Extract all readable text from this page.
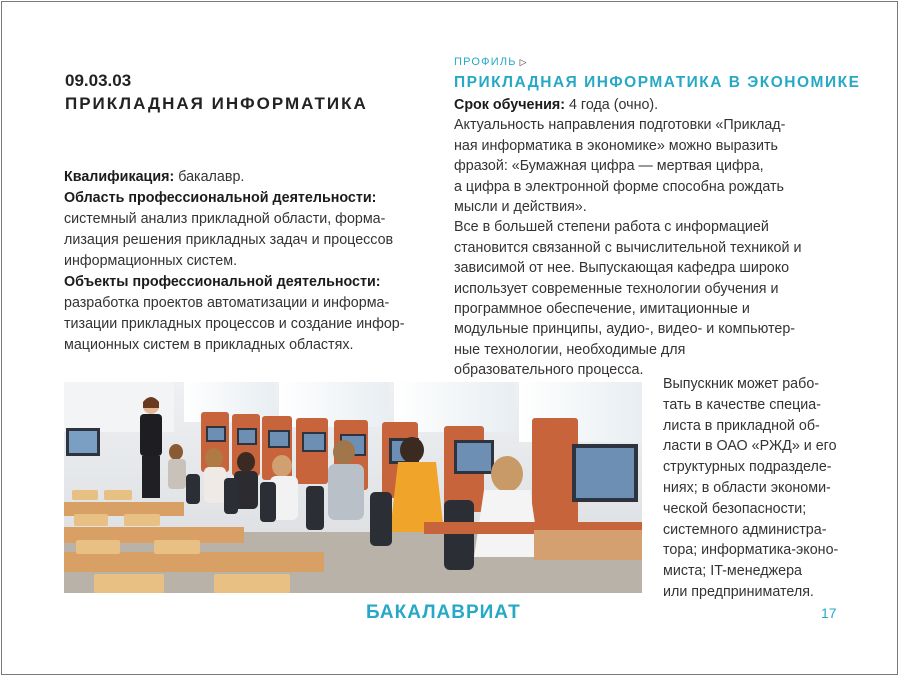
09.03.03
ПРИКЛАДНАЯ ИНФОРМАТИКА

Квалификация: бакалавр.

Область профессиональной деятельности:

системный анализ прикладной области, форма-
лизация решения прикладных задач и процессов
информационных систем.

Объекты профессиональной деятельности:

разработка проектов автоматизации и информа-
тизации прикладных процессов и создание инфор-
мационных систем в прикладных областях.

ПРОФИЛЬ ▷
ПРИКЛАДНАЯ ИНФОРМАТИКА В ЭКОНОМИКЕ

Срок обучения: 4 года (очно).

Актуальность направления подготовки «Приклад-
ная информатика в экономике» можно выразить
фразой: «Бумажная цифра — мертвая цифра,
а цифра в электронной форме способна рождать
мысли и действия».

Все в большей степени работа с информацией
становится связанной с вычислительной техникой и
зависимой от нее. Выпускающая кафедра широко
использует современные технологии обучения и
программное обеспечение, имитационные и
модульные принципы, аудио-, видео- и компьютер-
ные технологии, необходимые для
образовательного процесса.

Выпускник может рабо-
тать в качестве специа-
листа в прикладной об-
ласти в ОАО «РЖД» и его
структурных подразделе-
ниях; в области экономи-
ческой безопасности;
системного администра-
тора; информатика-эконо-
миста; IT-менеджера
или предпринимателя.
БАКАЛАВРИАТ	17
